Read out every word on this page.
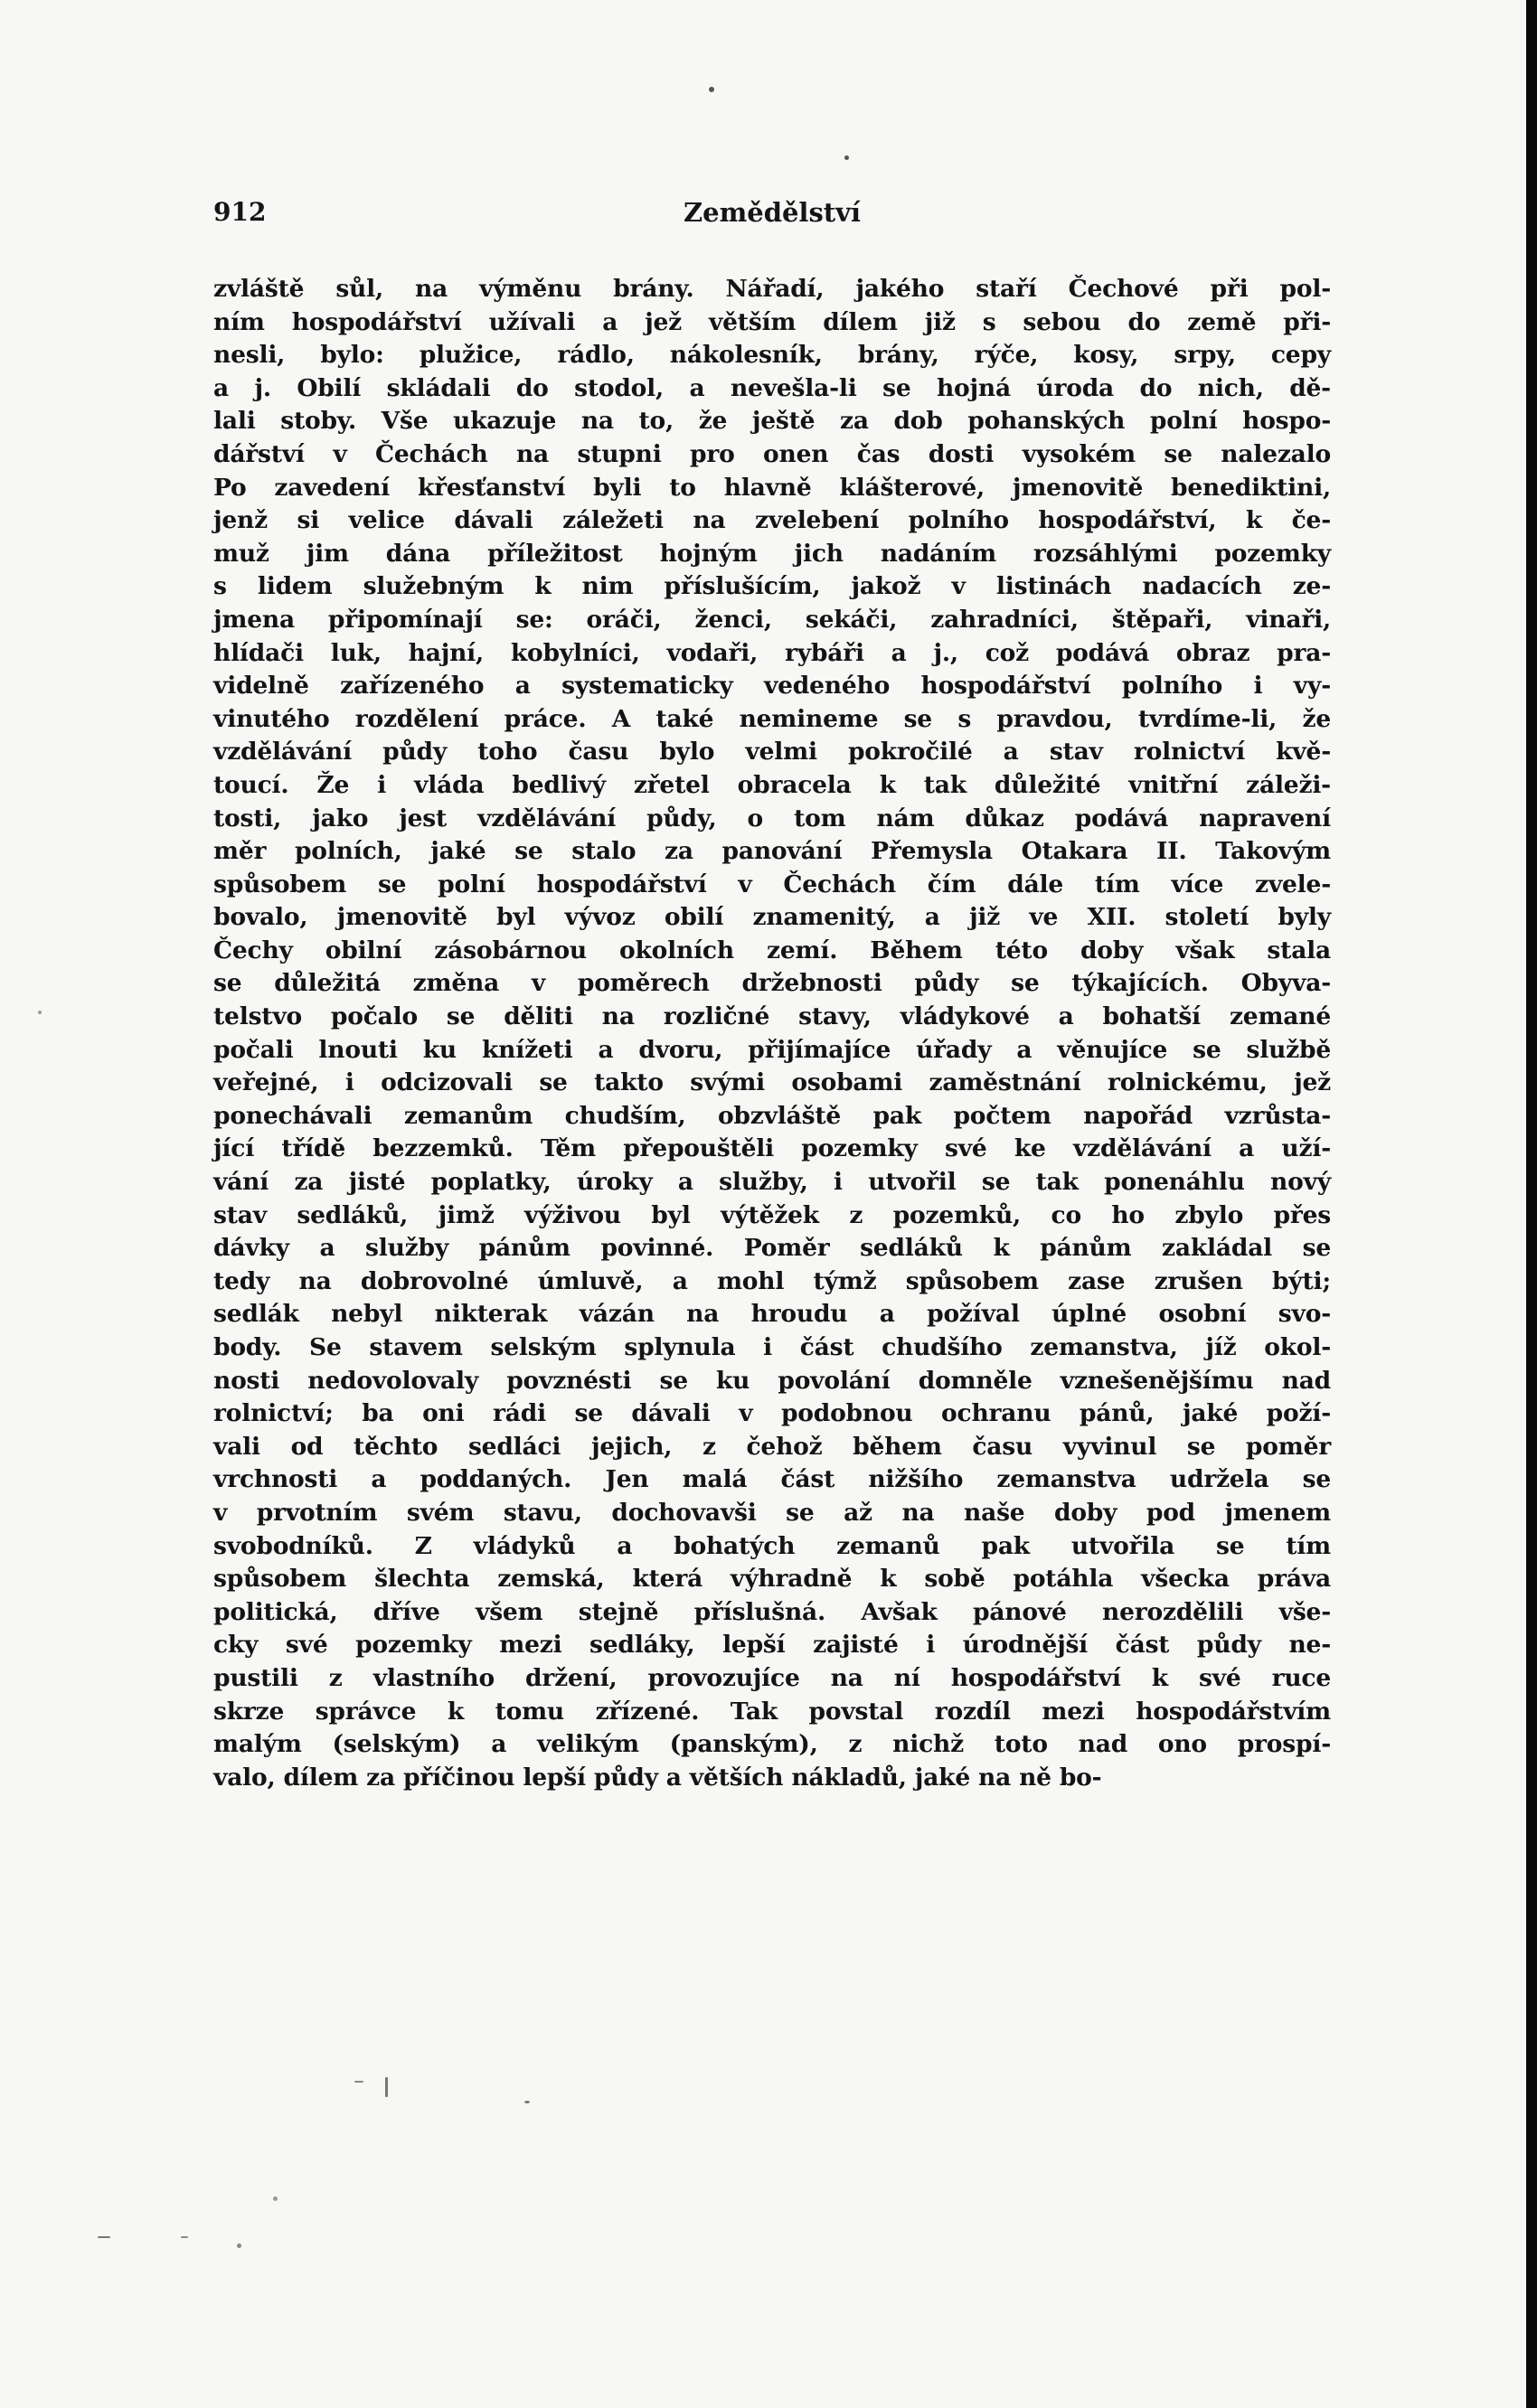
912	Zemědělství
zvláště sůl, na výměnu brány. Nářadí, jakého staří Čechové při pol-
ním hospodářství užívali a jež větším dílem již s sebou do země při-
nesli, bylo: plužice, rádlo, nákolesník, brány, rýče, kosy, srpy, cepy
a j. Obilí skládali do stodol, a nevešla-li se hojná úroda do nich, dě-
lali stoby. Vše ukazuje na to, že ještě za dob pohanských polní hospo-
dářství v Čechách na stupni pro onen čas dosti vysokém se nalezalo
Po zavedení křesťanství byli to hlavně klášterové, jmenovitě benediktini,
jenž si velice dávali záležeti na zvelebení polního hospodářství, k če-
muž jim dána příležitost hojným jich nadáním rozsáhlými pozemky
s lidem služebným k nim příslušícím, jakož v listinách nadacích ze-
jmena připomínají se: oráči, ženci, sekáči, zahradníci, štěpaři, vinaři,
hlídači luk, hajní, kobylníci, vodaři, rybáři a j., což podává obraz pra-
videlně zařízeného a systematicky vedeného hospodářství polního i vy-
vinutého rozdělení práce. A také nemineme se s pravdou, tvrdíme-li, že
vzdělávání půdy toho času bylo velmi pokročilé a stav rolnictví kvě-
toucí. Že i vláda bedlivý zřetel obracela k tak důležité vnitřní záleži-
tosti, jako jest vzdělávání půdy, o tom nám důkaz podává napravení
měr polních, jaké se stalo za panování Přemysla Otakara II. Takovým
spůsobem se polní hospodářství v Čechách čím dále tím více zvele-
bovalo, jmenovitě byl vývoz obilí znamenitý, a již ve XII. století byly
Čechy obilní zásobárnou okolních zemí. Během této doby však stala
se důležitá změna v poměrech držebnosti půdy se týkajících. Obyva-
telstvo počalo se děliti na rozličné stavy, vládykové a bohatší zemané
počali lnouti ku knížeti a dvoru, přijímajíce úřady a věnujíce se službě
veřejné, i odcizovali se takto svými osobami zaměstnání rolnickému, jež
ponechávali zemanům chudším, obzvláště pak počtem napořád vzrůsta-
jící třídě bezzemků. Těm přepouštěli pozemky své ke vzdělávání a uží-
vání za jisté poplatky, úroky a služby, i utvořil se tak ponenáhlu nový
stav sedláků, jimž výživou byl výtěžek z pozemků, co ho zbylo přes
dávky a služby pánům povinné. Poměr sedláků k pánům zakládal se
tedy na dobrovolné úmluvě, a mohl týmž spůsobem zase zrušen býti;
sedlák nebyl nikterak vázán na hroudu a požíval úplné osobní svo-
body. Se stavem selským splynula i část chudšího zemanstva, jíž okol-
nosti nedovolovaly povznésti se ku povolání domněle vznešenějšímu nad
rolnictví; ba oni rádi se dávali v podobnou ochranu pánů, jaké poží-
vali od těchto sedláci jejich, z čehož během času vyvinul se poměr
vrchnosti a poddaných. Jen malá část nižšího zemanstva udržela se
v prvotním svém stavu, dochovavši se až na naše doby pod jmenem
svobodníků. Z vládyků a bohatých zemanů pak utvořila se tím
spůsobem šlechta zemská, která výhradně k sobě potáhla všecka práva
politická, dříve všem stejně příslušná. Avšak pánové nerozdělili vše-
cky své pozemky mezi sedláky, lepší zajisté i úrodnější část půdy ne-
pustili z vlastního držení, provozujíce na ní hospodářství k své ruce
skrze správce k tomu zřízené. Tak povstal rozdíl mezi hospodářstvím
malým (selským) a velikým (panským), z nichž toto nad ono prospí-
valo, dílem za příčinou lepší půdy a větších nákladů, jaké na ně bo-
